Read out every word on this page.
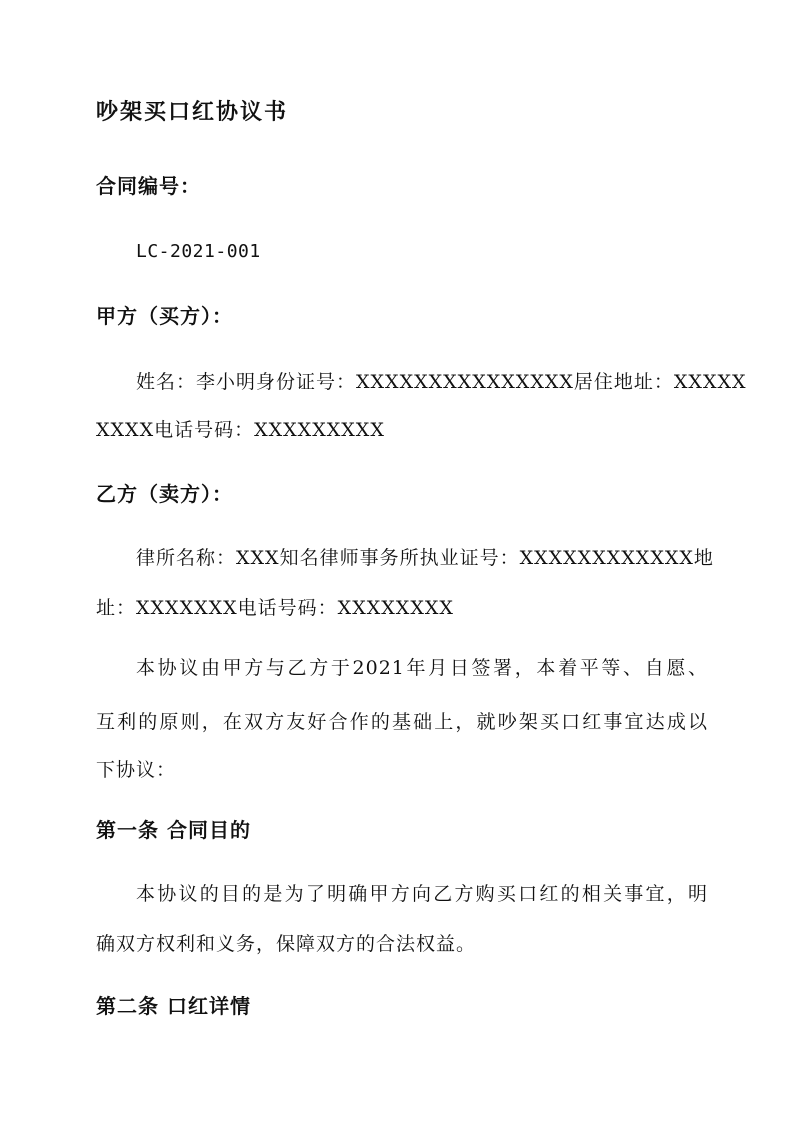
吵架买口红协议书
合同编号：
LC-2021-001
甲方（买方）：
姓名：李小明身份证号：XXXXXXXXXXXXXXX居住地址：XXXXX
XXXX电话号码：XXXXXXXXX
乙方（卖方）：
律所名称：XXX知名律师事务所执业证号：XXXXXXXXXXXX地
址：XXXXXXX电话号码：XXXXXXXX
本协议由甲方与乙方于2021年月日签署，本着平等、自愿、
互利的原则，在双方友好合作的基础上，就吵架买口红事宜达成以
下协议：
第一条 合同目的
本协议的目的是为了明确甲方向乙方购买口红的相关事宜，明
确双方权利和义务，保障双方的合法权益。
第二条 口红详情
